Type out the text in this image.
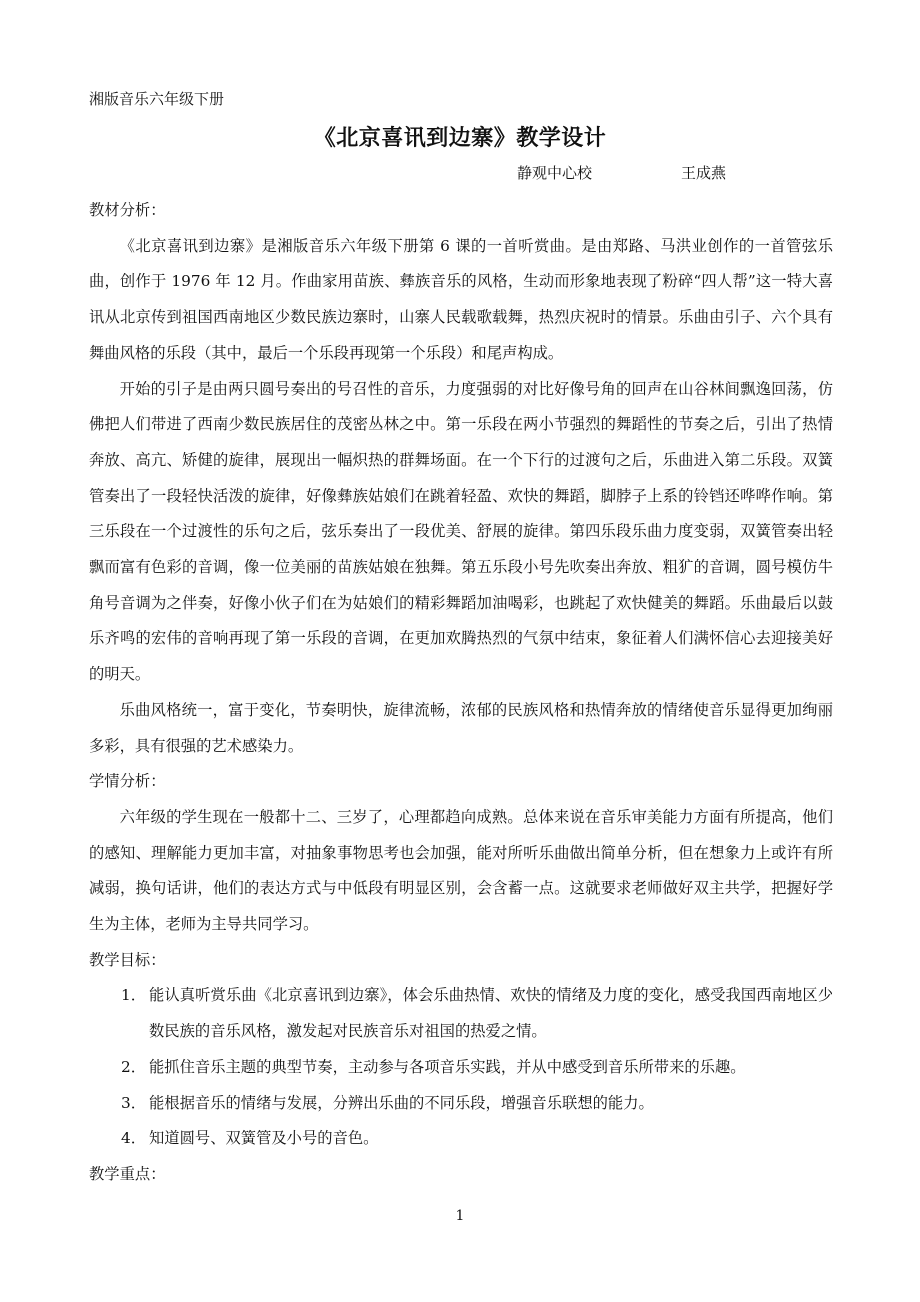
湘版音乐六年级下册
《北京喜讯到边寨》教学设计
静观中心校	王成燕

教材分析：

《北京喜讯到边寨》是湘版音乐六年级下册第 6 课的一首听赏曲。是由郑路、马洪业创作的一首管弦乐曲，创作于 1976 年 12 月。作曲家用苗族、彝族音乐的风格，生动而形象地表现了粉碎“四人帮”这一特大喜讯从北京传到祖国西南地区少数民族边寨时，山寨人民载歌载舞，热烈庆祝时的情景。乐曲由引子、六个具有舞曲风格的乐段（其中，最后一个乐段再现第一个乐段）和尾声构成。

开始的引子是由两只圆号奏出的号召性的音乐，力度强弱的对比好像号角的回声在山谷林间飘逸回荡，仿佛把人们带进了西南少数民族居住的茂密丛林之中。第一乐段在两小节强烈的舞蹈性的节奏之后，引出了热情奔放、高亢、矫健的旋律，展现出一幅炽热的群舞场面。在一个下行的过渡句之后，乐曲进入第二乐段。双簧管奏出了一段轻快活泼的旋律，好像彝族姑娘们在跳着轻盈、欢快的舞蹈，脚脖子上系的铃铛还哗哗作响。第三乐段在一个过渡性的乐句之后，弦乐奏出了一段优美、舒展的旋律。第四乐段乐曲力度变弱，双簧管奏出轻飘而富有色彩的音调，像一位美丽的苗族姑娘在独舞。第五乐段小号先吹奏出奔放、粗犷的音调，圆号模仿牛角号音调为之伴奏，好像小伙子们在为姑娘们的精彩舞蹈加油喝彩，也跳起了欢快健美的舞蹈。乐曲最后以鼓乐齐鸣的宏伟的音响再现了第一乐段的音调，在更加欢腾热烈的气氛中结束，象征着人们满怀信心去迎接美好的明天。

乐曲风格统一，富于变化，节奏明快，旋律流畅，浓郁的民族风格和热情奔放的情绪使音乐显得更加绚丽多彩，具有很强的艺术感染力。

学情分析：

六年级的学生现在一般都十二、三岁了，心理都趋向成熟。总体来说在音乐审美能力方面有所提高，他们的感知、理解能力更加丰富，对抽象事物思考也会加强，能对所听乐曲做出简单分析，但在想象力上或许有所减弱，换句话讲，他们的表达方式与中低段有明显区别，会含蓄一点。这就要求老师做好双主共学，把握好学生为主体，老师为主导共同学习。

教学目标：

1． 能认真听赏乐曲《北京喜讯到边寨》，体会乐曲热情、欢快的情绪及力度的变化，感受我国西南地区少数民族的音乐风格，激发起对民族音乐对祖国的热爱之情。
2． 能抓住音乐主题的典型节奏，主动参与各项音乐实践，并从中感受到音乐所带来的乐趣。
3． 能根据音乐的情绪与发展，分辨出乐曲的不同乐段，增强音乐联想的能力。
4． 知道圆号、双簧管及小号的音色。

教学重点：

1
